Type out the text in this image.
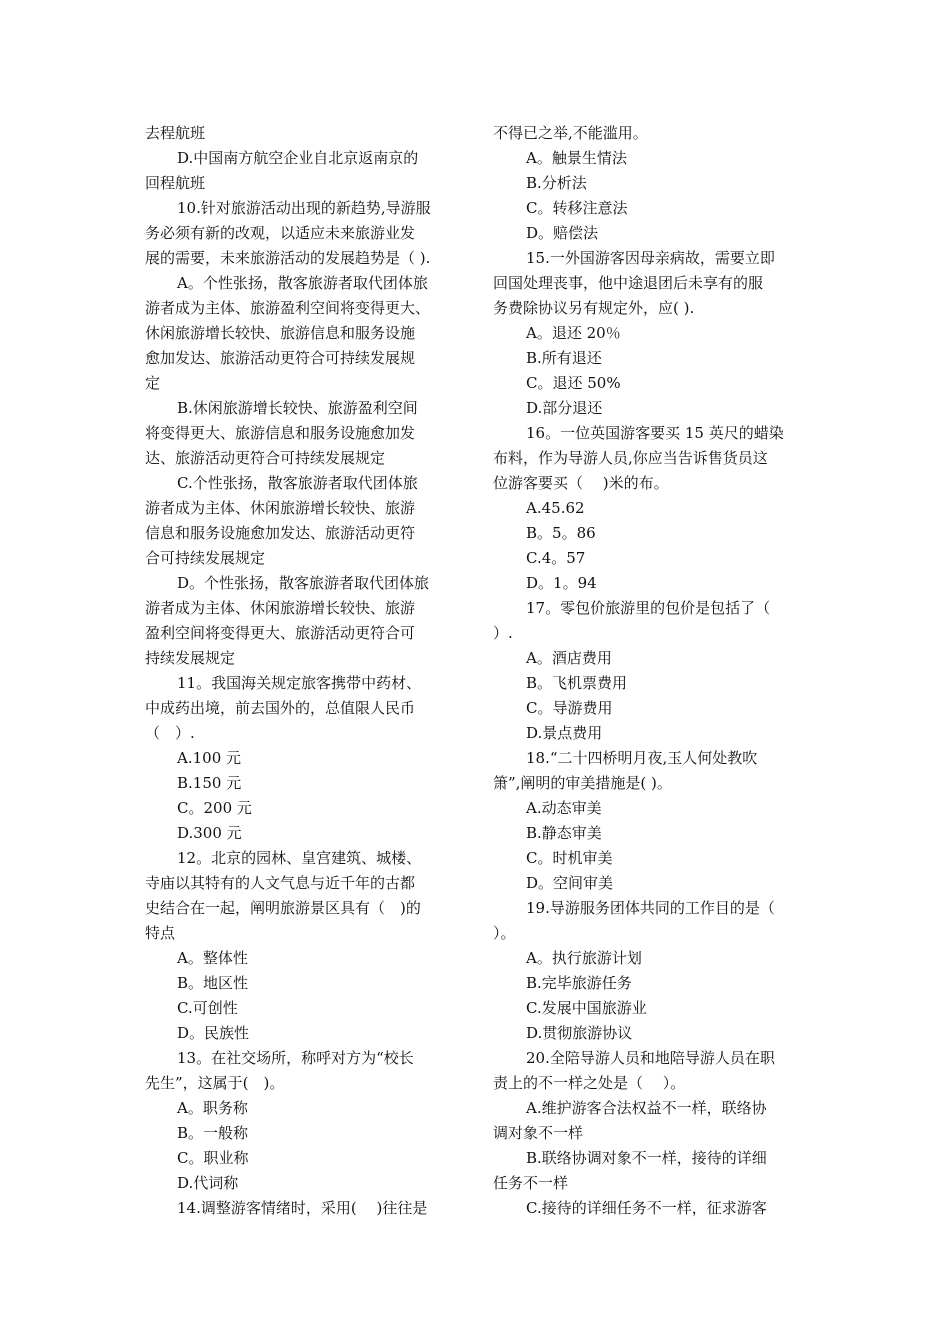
去程航班
D.中国南方航空企业自北京返南京的
回程航班
10.针对旅游活动出现的新趋势,导游服
务必须有新的改观，以适应未来旅游业发
展的需要，未来旅游活动的发展趋势是（ ).
A。个性张扬，散客旅游者取代团体旅
游者成为主体、旅游盈利空间将变得更大、
休闲旅游增长较快、旅游信息和服务设施
愈加发达、旅游活动更符合可持续发展规
定
B.休闲旅游增长较快、旅游盈利空间
将变得更大、旅游信息和服务设施愈加发
达、旅游活动更符合可持续发展规定
C.个性张扬，散客旅游者取代团体旅
游者成为主体、休闲旅游增长较快、旅游
信息和服务设施愈加发达、旅游活动更符
合可持续发展规定
D。个性张扬，散客旅游者取代团体旅
游者成为主体、休闲旅游增长较快、旅游
盈利空间将变得更大、旅游活动更符合可
持续发展规定
11。我国海关规定旅客携带中药材、
中成药出境，前去国外的，总值限人民币
（　）.
A.100 元
B.150 元
C。200 元
D.300 元
12。北京的园林、皇宫建筑、城楼、
寺庙以其特有的人文气息与近千年的古都
史结合在一起，阐明旅游景区具有（　)的
特点
A。整体性
B。地区性
C.可创性
D。民族性
13。在社交场所，称呼对方为“校长
先生”，这属于(　)。
A。职务称
B。一般称
C。职业称
D.代词称
14.调整游客情绪时，采用(　 )往往是
不得已之举,不能滥用。
A。触景生情法
B.分析法
C。转移注意法
D。赔偿法
15.一外国游客因母亲病故，需要立即
回国处理丧事，他中途退团后未享有的服
务费除协议另有规定外，应( ).
A。退还 20％
B.所有退还
C。退还 50%
D.部分退还
16。一位英国游客要买 15 英尺的蜡染
布料，作为导游人员,你应当告诉售货员这
位游客要买（　 )米的布。
A.45.62
B。5。86
C.4。57
D。1。94
17。零包价旅游里的包价是包括了（
）.
A。酒店费用
B。飞机票费用
C。导游费用
D.景点费用
18.“二十四桥明月夜,玉人何处教吹
箫”,阐明的审美措施是( )。
A.动态审美
B.静态审美
C。时机审美
D。空间审美
19.导游服务团体共同的工作目的是（
）。
A。执行旅游计划
B.完毕旅游任务
C.发展中国旅游业
D.贯彻旅游协议
20.全陪导游人员和地陪导游人员在职
责上的不一样之处是（　 ）。
A.维护游客合法权益不一样，联络协
调对象不一样
B.联络协调对象不一样，接待的详细
任务不一样
C.接待的详细任务不一样，征求游客
